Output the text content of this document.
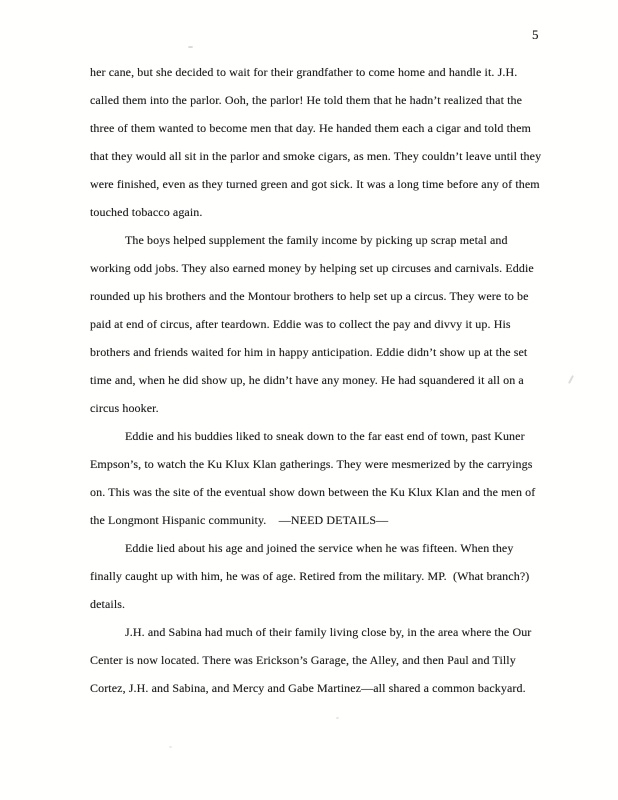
5
her cane, but she decided to wait for their grandfather to come home and handle it. J.H.
called them into the parlor. Ooh, the parlor! He told them that he hadn’t realized that the
three of them wanted to become men that day. He handed them each a cigar and told them
that they would all sit in the parlor and smoke cigars, as men. They couldn’t leave until they
were finished, even as they turned green and got sick. It was a long time before any of them
touched tobacco again.
The boys helped supplement the family income by picking up scrap metal and
working odd jobs. They also earned money by helping set up circuses and carnivals. Eddie
rounded up his brothers and the Montour brothers to help set up a circus. They were to be
paid at end of circus, after teardown. Eddie was to collect the pay and divvy it up. His
brothers and friends waited for him in happy anticipation. Eddie didn’t show up at the set
time and, when he did show up, he didn’t have any money. He had squandered it all on a
circus hooker.
Eddie and his buddies liked to sneak down to the far east end of town, past Kuner
Empson’s, to watch the Ku Klux Klan gatherings. They were mesmerized by the carryings
on. This was the site of the eventual show down between the Ku Klux Klan and the men of
the Longmont Hispanic community.    —NEED DETAILS—
Eddie lied about his age and joined the service when he was fifteen. When they
finally caught up with him, he was of age. Retired from the military. MP.  (What branch?)
details.
J.H. and Sabina had much of their family living close by, in the area where the Our
Center is now located. There was Erickson’s Garage, the Alley, and then Paul and Tilly
Cortez, J.H. and Sabina, and Mercy and Gabe Martinez—all shared a common backyard.
